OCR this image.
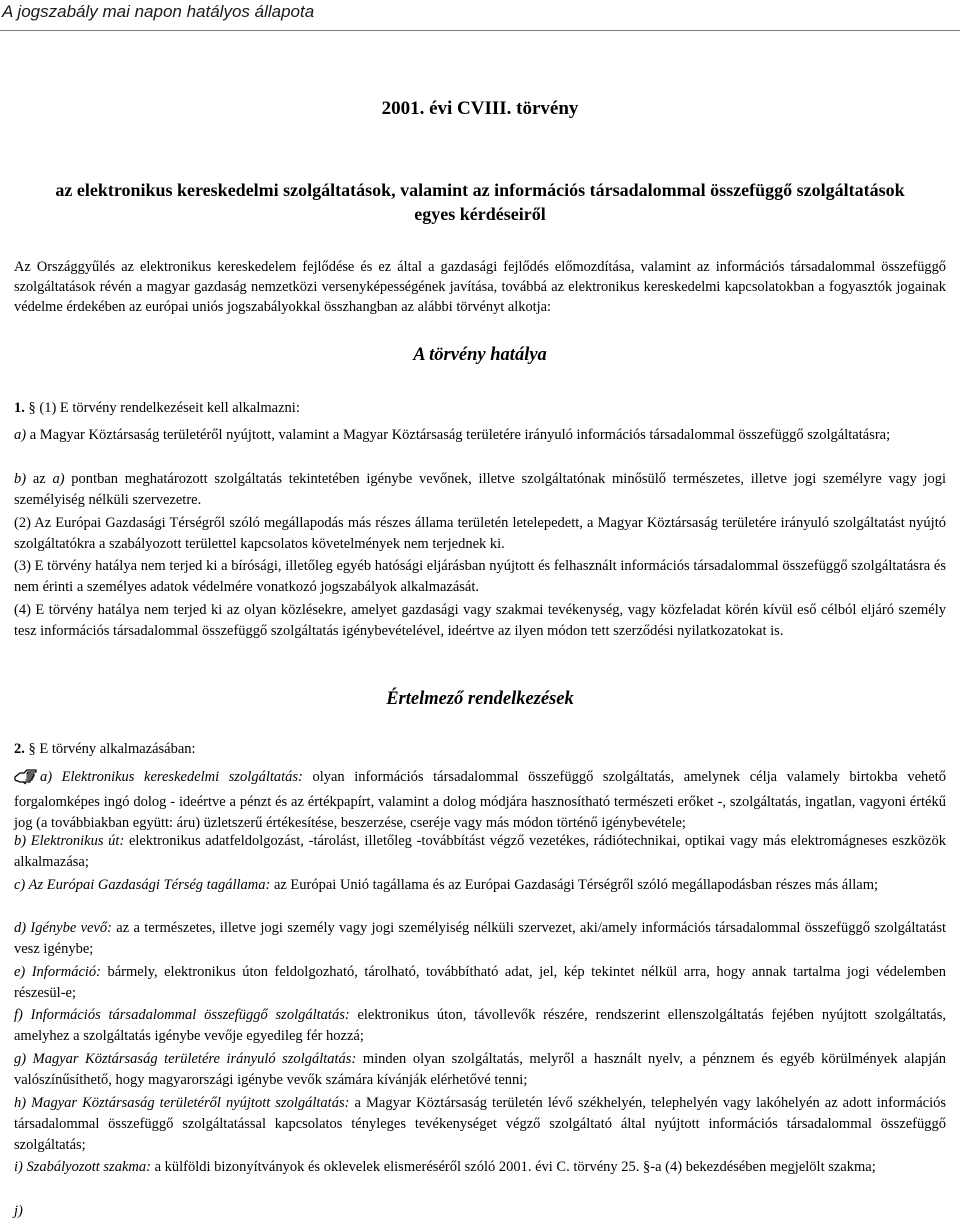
A jogszabály mai napon hatályos állapota
2001. évi CVIII. törvény
az elektronikus kereskedelmi szolgáltatások, valamint az információs társadalommal összefüggő szolgáltatások
egyes kérdéseiről
Az Országgyűlés az elektronikus kereskedelem fejlődése és ez által a gazdasági fejlődés előmozdítása, valamint az információs társadalommal összefüggő szolgáltatások révén a magyar gazdaság nemzetközi versenyképességének javítása, továbbá az elektronikus kereskedelmi kapcsolatokban a fogyasztók jogainak védelme érdekében az európai uniós jogszabályokkal összhangban az alábbi törvényt alkotja:
A törvény hatálya
1. § (1) E törvény rendelkezéseit kell alkalmazni:
a) a Magyar Köztársaság területéről nyújtott, valamint a Magyar Köztársaság területére irányuló információs társadalommal összefüggő szolgáltatásra;
b) az a) pontban meghatározott szolgáltatás tekintetében igénybe vevőnek, illetve szolgáltatónak minősülő természetes, illetve jogi személyre vagy jogi személyiség nélküli szervezetre.
(2) Az Európai Gazdasági Térségről szóló megállapodás más részes állama területén letelepedett, a Magyar Köztársaság területére irányuló szolgáltatást nyújtó szolgáltatókra a szabályozott területtel kapcsolatos követelmények nem terjednek ki.
(3) E törvény hatálya nem terjed ki a bírósági, illetőleg egyéb hatósági eljárásban nyújtott és felhasznált információs társadalommal összefüggő szolgáltatásra és nem érinti a személyes adatok védelmére vonatkozó jogszabályok alkalmazását.
(4) E törvény hatálya nem terjed ki az olyan közlésekre, amelyet gazdasági vagy szakmai tevékenység, vagy közfeladat körén kívül eső célból eljáró személy tesz információs társadalommal összefüggő szolgáltatás igénybevételével, ideértve az ilyen módon tett szerződési nyilatkozatokat is.
Értelmező rendelkezések
2. § E törvény alkalmazásában:
a) Elektronikus kereskedelmi szolgáltatás: olyan információs társadalommal összefüggő szolgáltatás, amelynek célja valamely birtokba vehető forgalomképes ingó dolog - ideértve a pénzt és az értékpapírt, valamint a dolog módjára hasznosítható természeti erőket -, szolgáltatás, ingatlan, vagyoni értékű jog (a továbbiakban együtt: áru) üzletszerű értékesítése, beszerzése, cseréje vagy más módon történő igénybevétele;
b) Elektronikus út: elektronikus adatfeldolgozást, -tárolást, illetőleg -továbbítást végző vezetékes, rádiótechnikai, optikai vagy más elektromágneses eszközök alkalmazása;
c) Az Európai Gazdasági Térség tagállama: az Európai Unió tagállama és az Európai Gazdasági Térségről szóló megállapodásban részes más állam;
d) Igénybe vevő: az a természetes, illetve jogi személy vagy jogi személyiség nélküli szervezet, aki/amely információs társadalommal összefüggő szolgáltatást vesz igénybe;
e) Információ: bármely, elektronikus úton feldolgozható, tárolható, továbbítható adat, jel, kép tekintet nélkül arra, hogy annak tartalma jogi védelemben részesül-e;
f) Információs társadalommal összefüggő szolgáltatás: elektronikus úton, távollevők részére, rendszerint ellenszolgáltatás fejében nyújtott szolgáltatás, amelyhez a szolgáltatás igénybe vevője egyedileg fér hozzá;
g) Magyar Köztársaság területére irányuló szolgáltatás: minden olyan szolgáltatás, melyről a használt nyelv, a pénznem és egyéb körülmények alapján valószínűsíthető, hogy magyarországi igénybe vevők számára kívánják elérhetővé tenni;
h) Magyar Köztársaság területéről nyújtott szolgáltatás: a Magyar Köztársaság területén lévő székhelyén, telephelyén vagy lakóhelyén az adott információs társadalommal összefüggő szolgáltatással kapcsolatos tényleges tevékenységet végző szolgáltató által nyújtott információs társadalommal összefüggő szolgáltatás;
i) Szabályozott szakma: a külföldi bizonyítványok és oklevelek elismeréséről szóló 2001. évi C. törvény 25. §-a (4) bekezdésében megjelölt szakma;
j)
